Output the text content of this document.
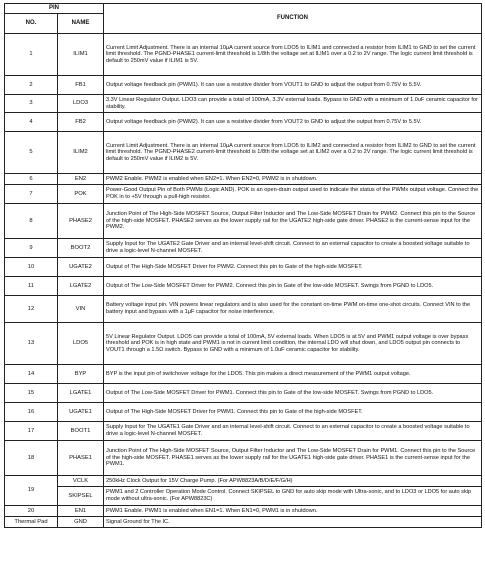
PIN		FUNCTION
NO.	NAME	
1	ILIM1	Current Limit Adjustment. There is an internal 10µA current source from LDO5 to ILIM1 and connected a resistor from ILIM1 to GND to set the current limit threshold. The PGND-PHASE1 current-limit threshold is 1/8th the voltage set at ILIM1 over a 0.2 to 2V range. The logic current limit threshold is default to 250mV value if ILIM1 is 5V.
2	FB1	Output voltage feedback pin (PWM1). It can use a resistive divider from VOUT1 to GND to adjust the output from 0.75V to 5.5V.
3	LDO3	3.3V Linear Regulator Output. LDO3 can provide a total of 100mA, 3.3V external loads. Bypass to GND with a minimum of 1.0uF ceramic capacitor for stability.
4	FB2	Output voltage feedback pin (PWM2). It can use a resistive divider from VOUT2 to GND to adjust the output from 0.75V to 5.5V.
5	ILIM2	Current Limit Adjustment. There is an internal 10µA current source from LDO5 to ILIM2 and connected a resistor from ILIM2 to GND to set the current limit threshold. The PGND-PHASE2 current-limit threshold is 1/8th the voltage set at ILIM2 over a 0.2 to 2V range. The logic current limit threshold is default to 250mV value if ILIM2 is 5V.
6	EN2	PWM2 Enable. PWM2 is enabled when EN2=1. When EN2=0, PWM2 is in shutdown.
7	POK	Power-Good Output Pin of Both PWMs (Logic AND). POK is an open-drain output used to indicate the status of the PWMx output voltage. Connect the POK in to +5V through a pull-high resistor.
8	PHASE2	Junction Point of The High-Side MOSFET Source, Output Filter Inductor and The Low-Side MOSFET Drain for PWM2. Connect this pin to the Source of the high-side MOSFET. PHASE2 serves as the lower supply rail for the UGATE2 high-side gate driver. PHASE2 is the current-sense input for the PWM2.
9	BOOT2	Supply Input for The UGATE2 Gate Driver and an internal level-shift circuit. Connect to an external capacitor to create a boosted voltage suitable to drive a logic-level N-channel MOSFET.
10	UGATE2	Output of The High-Side MOSFET Driver for PWM2. Connect this pin to Gate of the high-side MOSFET.
11	LGATE2	Output of The Low-Side MOSFET Driver for PWM2. Connect this pin to Gate of the low-side MOSFET. Swings from PGND to LDO5.
12	VIN	Battery voltage input pin. VIN powers linear regulators and is also used for the constant on-time PWM on-time one-shot circuits. Connect VIN to the battery input and bypass with a 1µF capacitor for noise interference.
13	LDO5	5V Linear Regulator Output. LDO5 can provide a total of 100mA, 5V external loads. When LDO5 is at 5V and PWM1 output voltage is over bypass threshold and POK is in high state and PWM1 is not in current limit condition, the internal LDO will shut down, and LDO5 output pin connects to VOUT1 through a 1.5Ω switch. Bypass to GND with a minimum of 1.0uF ceramic capacitor for stability.
14	BYP	BYP is the input pin of switchover voltage for the LDO5. This pin makes a direct measurement of the PWM1 output voltage.
15	LGATE1	Output of The Low-Side MOSFET Driver for PWM1. Connect this pin to Gate of the low-side MOSFET. Swings from PGND to LDO5.
16	UGATE1	Output of The High-Side MOSFET Driver for PWM1. Connect this pin to Gate of the high-side MOSFET.
17	BOOT1	Supply Input for The UGATE1 Gate Driver and an internal level-shift circuit. Connect to an external capacitor to create a boosted voltage suitable to drive a logic-level N-channel MOSFET.
18	PHASE1	Junction Point of The High-Side MOSFET Source, Output Filter Inductor and The Low-Side MOSFET Drain for PWM1. Connect this pin to the Source of the high-side MOSFET. PHASE1 serves as the lower supply rail for the UGATE1 high-side gate driver. PHASE1 is the current-sense input for the PWM1.
19	VCLK	250kHz Clock Output for 15V Charge Pump. (For APW8823A/B/D/E/F/G/H)
	SKIPSEL	PWM1 and 2 Controller Operation Mode Control. Connect SKIPSEL to GND for auto skip mode with Ultra-sonic, and to LDO3 or LDO5 for auto skip mode without ultra-sonic. (For APW8823C)
20	EN1	PWM1 Enable. PWM1 is enabled when EN1=1. When EN1=0, PWM1 is in shutdown.
Thermal Pad	GND	Signal Ground for The IC.
